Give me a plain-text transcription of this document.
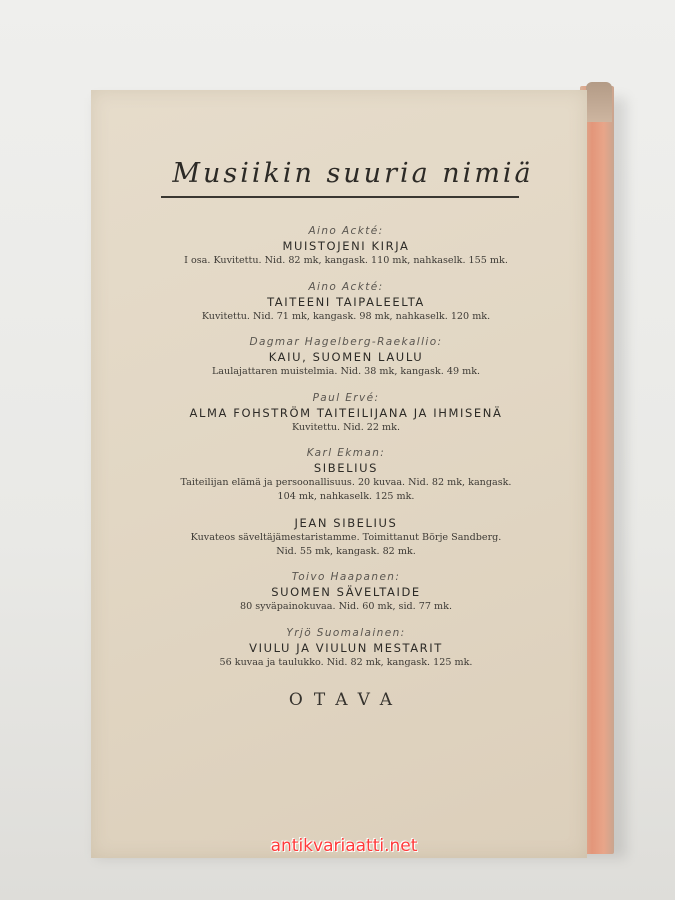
Musiikin suuria nimiä
Aino Ackté:
MUISTOJENI KIRJA
I osa. Kuvitettu. Nid. 82 mk, kangask. 110 mk, nahkaselk. 155 mk.
Aino Ackté:
TAITEENI TAIPALEELTA
Kuvitettu. Nid. 71 mk, kangask. 98 mk, nahkaselk. 120 mk.
Dagmar Hagelberg-Raekallio:
KAIU, SUOMEN LAULU
Laulajattaren muistelmia. Nid. 38 mk, kangask. 49 mk.
Paul Ervé:
ALMA FOHSTRÖM TAITEILIJANA JA IHMISENÄ
Kuvitettu. Nid. 22 mk.
Karl Ekman:
SIBELIUS
Taiteilijan elämä ja persoonallisuus. 20 kuvaa. Nid. 82 mk, kangask.
104 mk, nahkaselk. 125 mk.
JEAN SIBELIUS
Kuvateos säveltäjämestaristamme. Toimittanut Börje Sandberg.
Nid. 55 mk, kangask. 82 mk.
Toivo Haapanen:
SUOMEN SÄVELTAIDE
80 syväpainokuvaa. Nid. 60 mk, sid. 77 mk.
Yrjö Suomalainen:
VIULU JA VIULUN MESTARIT
56 kuvaa ja taulukko. Nid. 82 mk, kangask. 125 mk.
OTAVA
antikvariaatti.net
